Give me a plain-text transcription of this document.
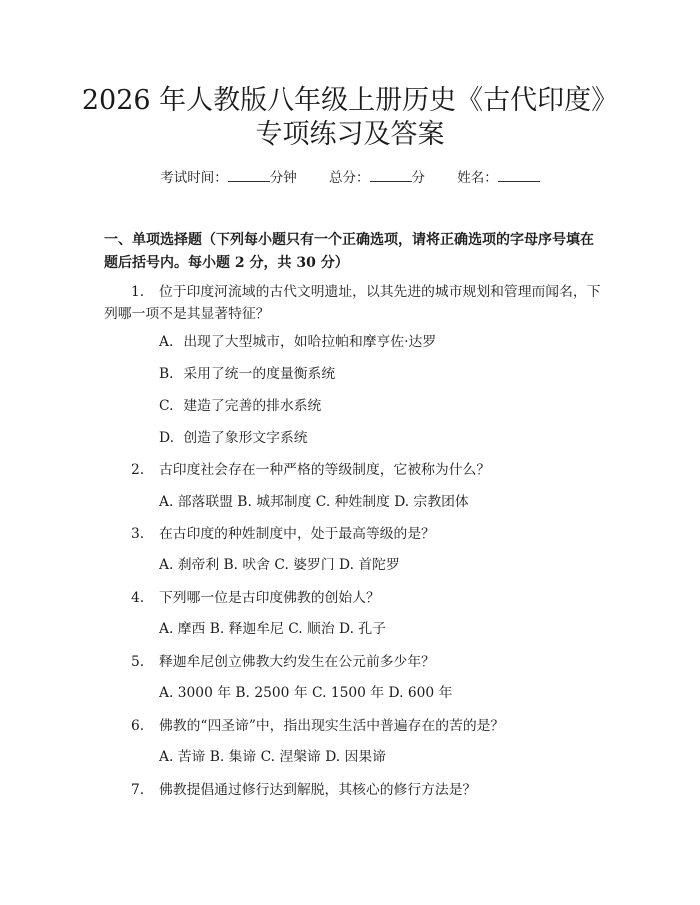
2026 年人教版八年级上册历史《古代印度》
专项练习及答案
考试时间：	分钟 总分：	分 姓名：

一、单项选择题（下列每小题只有一个正确选项，请将正确选项的字母序号填在题后括号内。每小题 2 分，共 30 分）

1. 位于印度河流域的古代文明遗址，以其先进的城市规划和管理而闻名，下
列哪一项不是其显著特征？

A. 出现了大型城市，如哈拉帕和摩亨佐·达罗
B. 采用了统一的度量衡系统
C. 建造了完善的排水系统
D. 创造了象形文字系统

2. 古印度社会存在一种严格的等级制度，它被称为什么？

A. 部落联盟 B. 城邦制度 C. 种姓制度 D. 宗教团体

3. 在古印度的种姓制度中，处于最高等级的是？

A. 刹帝利 B. 吠舍 C. 婆罗门 D. 首陀罗

4. 下列哪一位是古印度佛教的创始人？

A. 摩西 B. 释迦牟尼 C. 顺治 D. 孔子

5. 释迦牟尼创立佛教大约发生在公元前多少年？

A. 3000 年 B. 2500 年 C. 1500 年 D. 600 年

6. 佛教的“四圣谛”中，指出现实生活中普遍存在的苦的是？

A. 苦谛 B. 集谛 C. 涅槃谛 D. 因果谛

7. 佛教提倡通过修行达到解脱，其核心的修行方法是？
